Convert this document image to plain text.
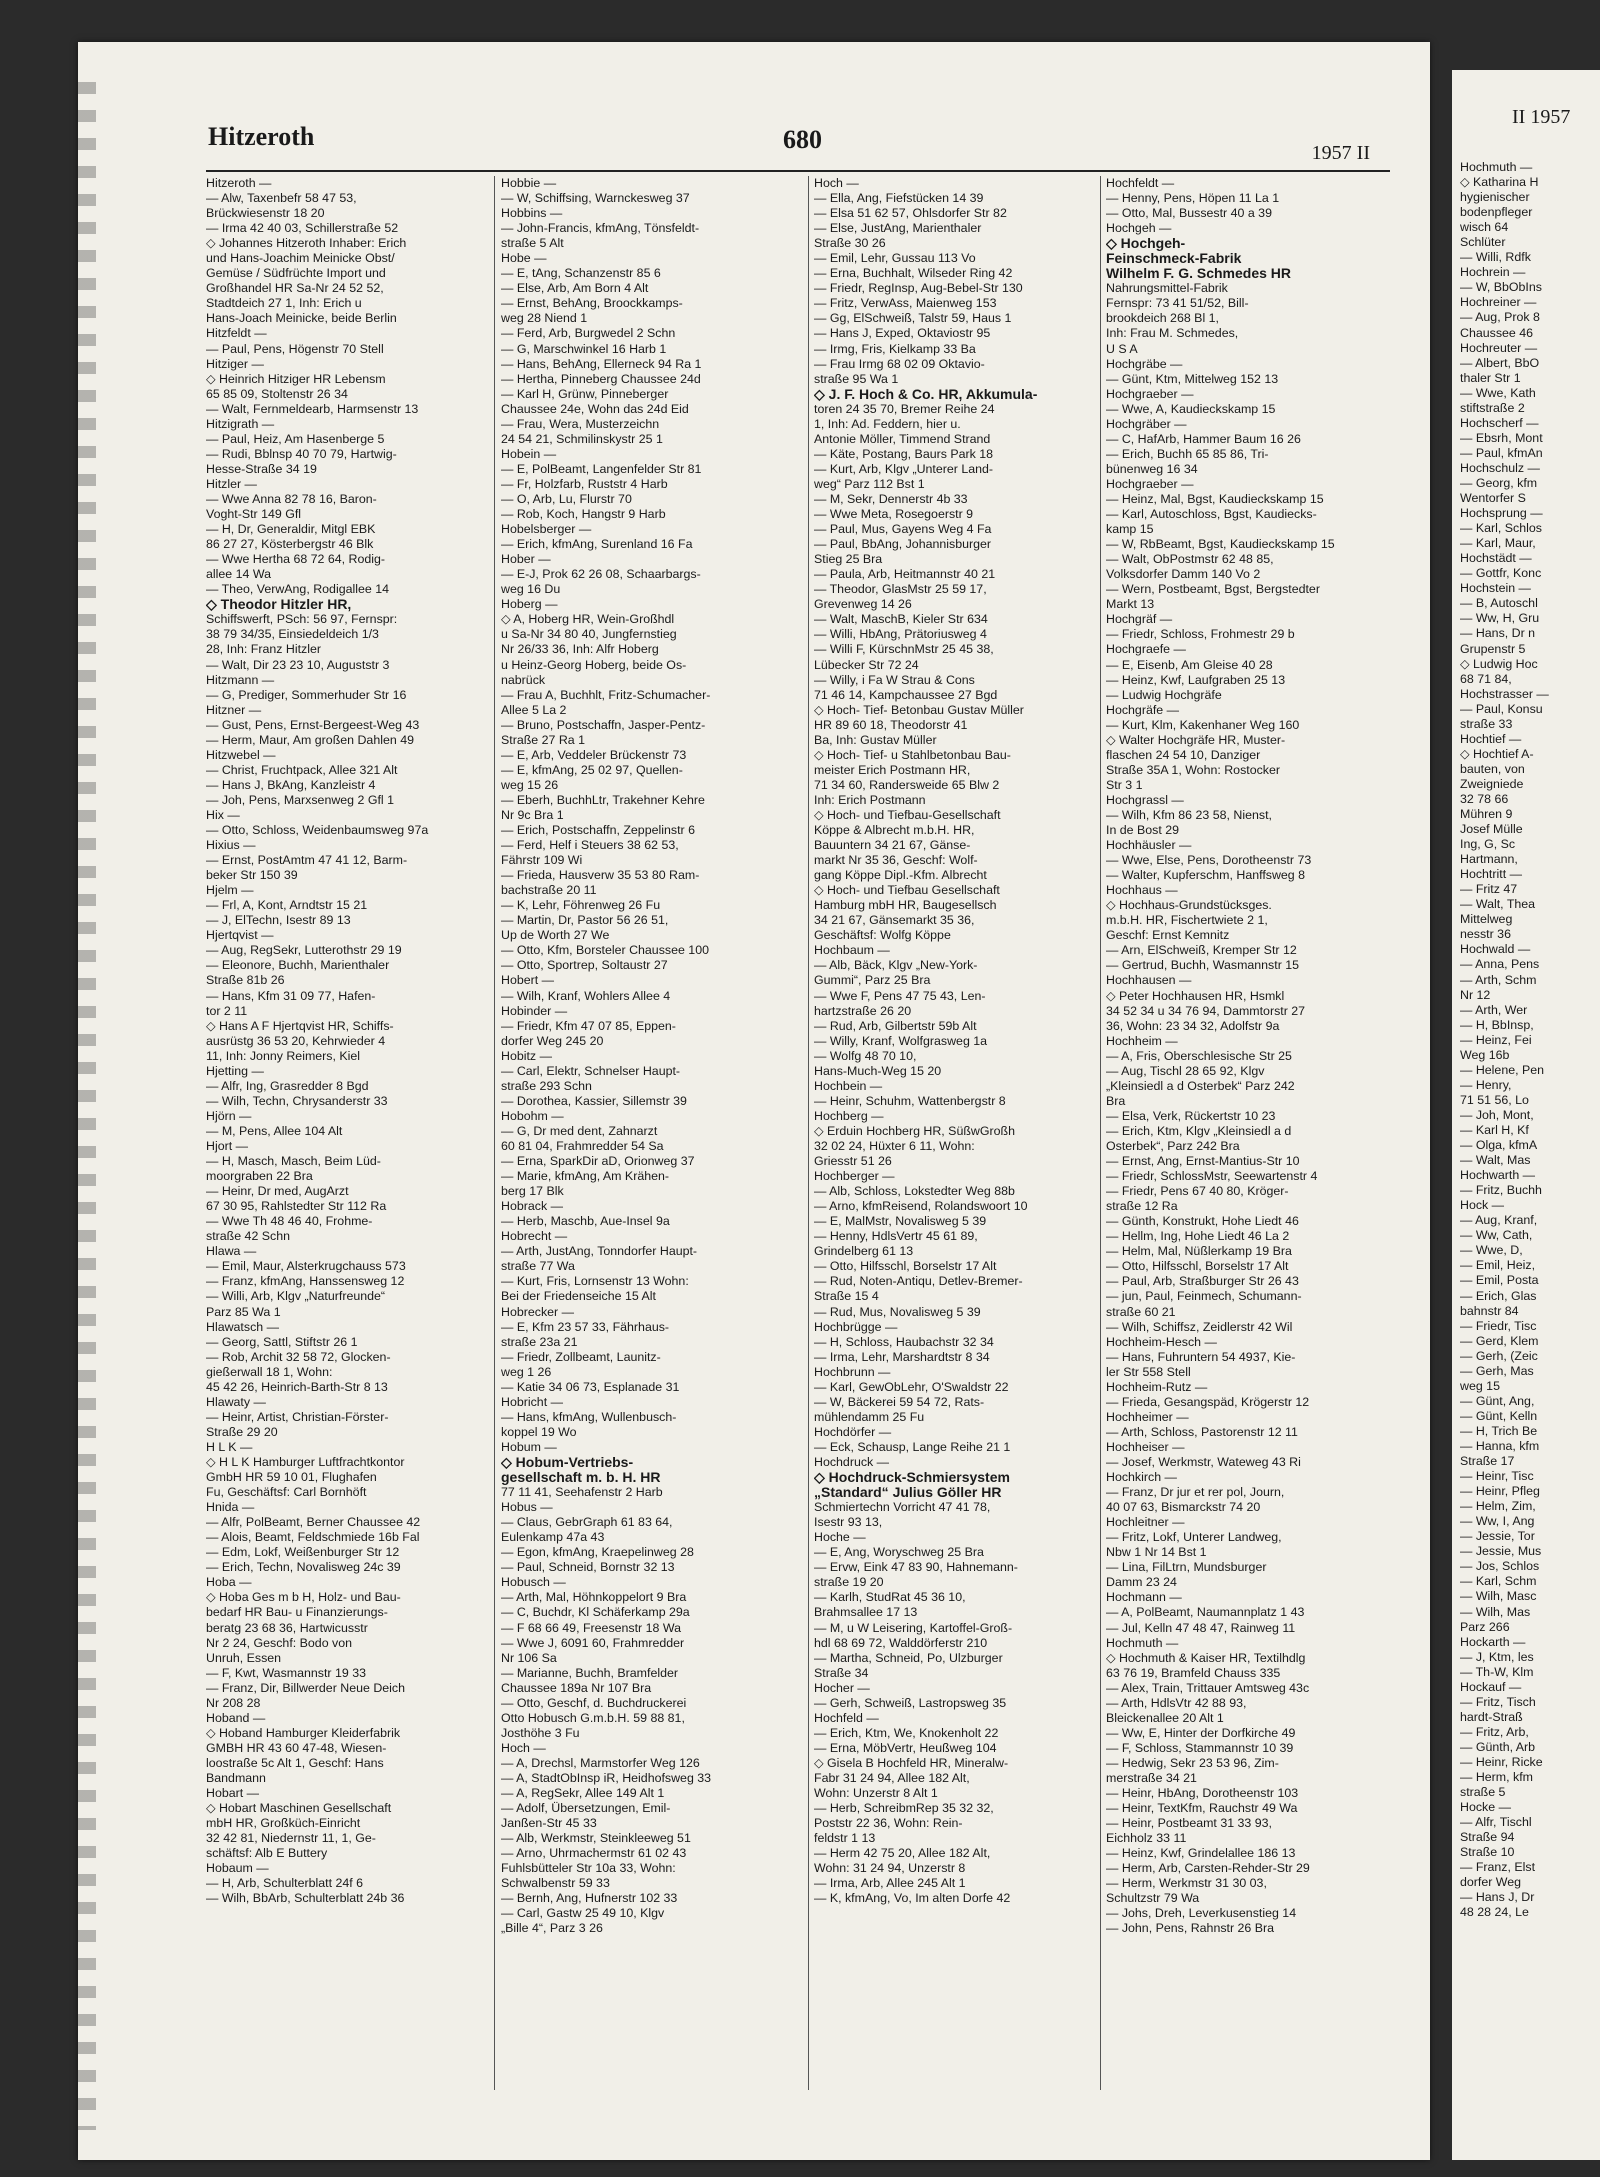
Hitzeroth	680	1957 II
Hitzeroth —
— Alw, Taxenbefr 58 47 53,
Brückwiesenstr 18 20
— Irma 42 40 03, Schillerstraße 52
◇ Johannes Hitzeroth Inhaber: Erich
und Hans-Joachim Meinicke Obst/
Gemüse / Südfrüchte Import und
Großhandel HR Sa-Nr 24 52 52,
Stadtdeich 27 1, Inh: Erich u
Hans-Joach Meinicke, beide Berlin
Hitzfeldt —
— Paul, Pens, Högenstr 70 Stell
Hitziger —
◇ Heinrich Hitziger HR Lebensm
65 85 09, Stoltenstr 26 34
— Walt, Fernmeldearb, Harmsenstr 13
Hitzigrath —
— Paul, Heiz, Am Hasenberge 5
— Rudi, Bblnsp 40 70 79, Hartwig-
Hesse-Straße 34 19
Hitzler —
— Wwe Anna 82 78 16, Baron-
Voght-Str 149 Gfl
— H, Dr, Generaldir, Mitgl EBK
86 27 27, Kösterbergstr 46 Blk
— Wwe Hertha 68 72 64, Rodig-
allee 14 Wa
— Theo, VerwAng, Rodigallee 14
◇ Theodor Hitzler HR,
Schiffswerft, PSch: 56 97, Fernspr:
38 79 34/35, Einsiedeldeich 1/3
28, Inh: Franz Hitzler
— Walt, Dir 23 23 10, Auguststr 3
Hitzmann —
— G, Prediger, Sommerhuder Str 16
Hitzner —
— Gust, Pens, Ernst-Bergeest-Weg 43
— Herm, Maur, Am großen Dahlen 49
Hitzwebel —
— Christ, Fruchtpack, Allee 321 Alt
— Hans J, BkAng, Kanzleistr 4
— Joh, Pens, Marxsenweg 2 Gfl 1
Hix —
— Otto, Schloss, Weidenbaumsweg 97a
Hixius —
— Ernst, PostAmtm 47 41 12, Barm-
beker Str 150 39
Hjelm —
— Frl, A, Kont, Arndtstr 15 21
— J, ElTechn, Isestr 89 13
Hjertqvist —
— Aug, RegSekr, Lutterothstr 29 19
— Eleonore, Buchh, Marienthaler
Straße 81b 26
— Hans, Kfm 31 09 77, Hafen-
tor 2 11
◇ Hans A F Hjertqvist HR, Schiffs-
ausrüstg 36 53 20, Kehrwieder 4
11, Inh: Jonny Reimers, Kiel
Hjetting —
— Alfr, Ing, Grasredder 8 Bgd
— Wilh, Techn, Chrysanderstr 33
Hjörn —
— M, Pens, Allee 104 Alt
Hjort —
— H, Masch, Masch, Beim Lüd-
moorgraben 22 Bra
— Heinr, Dr med, AugArzt
67 30 95, Rahlstedter Str 112 Ra
— Wwe Th 48 46 40, Frohme-
straße 42 Schn
Hlawa —
— Emil, Maur, Alsterkrugchauss 573
— Franz, kfmAng, Hanssensweg 12
— Willi, Arb, Klgv „Naturfreunde“
Parz 85 Wa 1
Hlawatsch —
— Georg, Sattl, Stiftstr 26 1
— Rob, Archit 32 58 72, Glocken-
gießerwall 18 1, Wohn:
45 42 26, Heinrich-Barth-Str 8 13
Hlawaty —
— Heinr, Artist, Christian-Förster-
Straße 29 20
H L K —
◇ H L K Hamburger Luftfrachtkontor
GmbH HR 59 10 01, Flughafen
Fu, Geschäftsf: Carl Bornhöft
Hnida —
— Alfr, PolBeamt, Berner Chaussee 42
— Alois, Beamt, Feldschmiede 16b Fal
— Edm, Lokf, Weißenburger Str 12
— Erich, Techn, Novalisweg 24c 39
Hoba —
◇ Hoba Ges m b H, Holz- und Bau-
bedarf HR Bau- u Finanzierungs-
beratg 23 68 36, Hartwicusstr
Nr 2 24, Geschf: Bodo von
Unruh, Essen
— F, Kwt, Wasmannstr 19 33
— Franz, Dir, Billwerder Neue Deich
Nr 208 28
Hoband —
◇ Hoband Hamburger Kleiderfabrik
GMBH HR 43 60 47-48, Wiesen-
loostraße 5c Alt 1, Geschf: Hans
Bandmann
Hobart —
◇ Hobart Maschinen Gesellschaft
mbH HR, Großküch-Einricht
32 42 81, Niedernstr 11, 1, Ge-
schäftsf: Alb E Buttery
Hobaum —
— H, Arb, Schulterblatt 24f 6
— Wilh, BbArb, Schulterblatt 24b 36
Hobbie —
— W, Schiffsing, Warnckesweg 37
Hobbins —
— John-Francis, kfmAng, Tönsfeldt-
straße 5 Alt
Hobe —
— E, tAng, Schanzenstr 85 6
— Else, Arb, Am Born 4 Alt
— Ernst, BehAng, Broockkamps-
weg 28 Niend 1
— Ferd, Arb, Burgwedel 2 Schn
— G, Marschwinkel 16 Harb 1
— Hans, BehAng, Ellerneck 94 Ra 1
— Hertha, Pinneberg Chaussee 24d
— Karl H, Grünw, Pinneberger
Chaussee 24e, Wohn das 24d Eid
— Frau, Wera, Musterzeichn
24 54 21, Schmilinskystr 25 1
Hobein —
— E, PolBeamt, Langenfelder Str 81
— Fr, Holzfarb, Ruststr 4 Harb
— O, Arb, Lu, Flurstr 70
— Rob, Koch, Hangstr 9 Harb
Hobelsberger —
— Erich, kfmAng, Surenland 16 Fa
Hober —
— E-J, Prok 62 26 08, Schaarbargs-
weg 16 Du
Hoberg —
◇ A, Hoberg HR, Wein-Großhdl
u Sa-Nr 34 80 40, Jungfernstieg
Nr 26/33 36, Inh: Alfr Hoberg
u Heinz-Georg Hoberg, beide Os-
nabrück
— Frau A, Buchhlt, Fritz-Schumacher-
Allee 5 La 2
— Bruno, Postschaffn, Jasper-Pentz-
Straße 27 Ra 1
— E, Arb, Veddeler Brückenstr 73
— E, kfmAng, 25 02 97, Quellen-
weg 15 26
— Eberh, BuchhLtr, Trakehner Kehre
Nr 9c Bra 1
— Erich, Postschaffn, Zeppelinstr 6
— Ferd, Helf i Steuers 38 62 53,
Fährstr 109 Wi
— Frieda, Hausverw 35 53 80 Ram-
bachstraße 20 11
— K, Lehr, Föhrenweg 26 Fu
— Martin, Dr, Pastor 56 26 51,
Up de Worth 27 We
— Otto, Kfm, Borsteler Chaussee 100
— Otto, Sportrep, Soltaustr 27
Hobert —
— Wilh, Kranf, Wohlers Allee 4
Hobinder —
— Friedr, Kfm 47 07 85, Eppen-
dorfer Weg 245 20
Hobitz —
— Carl, Elektr, Schnelser Haupt-
straße 293 Schn
— Dorothea, Kassier, Sillemstr 39
Hobohm —
— G, Dr med dent, Zahnarzt
60 81 04, Frahmredder 54 Sa
— Erna, SparkDir aD, Orionweg 37
— Marie, kfmAng, Am Krähen-
berg 17 Blk
Hobrack —
— Herb, Maschb, Aue-Insel 9a
Hobrecht —
— Arth, JustAng, Tonndorfer Haupt-
straße 77 Wa
— Kurt, Fris, Lornsenstr 13 Wohn:
Bei der Friedenseiche 15 Alt
Hobrecker —
— E, Kfm 23 57 33, Fährhaus-
straße 23a 21
— Friedr, Zollbeamt, Launitz-
weg 1 26
— Katie 34 06 73, Esplanade 31
Hobricht —
— Hans, kfmAng, Wullenbusch-
koppel 19 Wo
Hobum —
◇ Hobum-Vertriebs-
gesellschaft m. b. H. HR
77 11 41, Seehafenstr 2 Harb
Hobus —
— Claus, GebrGraph 61 83 64,
Eulenkamp 47a 43
— Egon, kfmAng, Kraepelinweg 28
— Paul, Schneid, Bornstr 32 13
Hobusch —
— Arth, Mal, Höhnkoppelort 9 Bra
— C, Buchdr, Kl Schäferkamp 29a
— F 68 66 49, Freesenstr 18 Wa
— Wwe J, 6091 60, Frahmredder
Nr 106 Sa
— Marianne, Buchh, Bramfelder
Chaussee 189a Nr 107 Bra
— Otto, Geschf, d. Buchdruckerei
Otto Hobusch G.m.b.H. 59 88 81,
Josthöhe 3 Fu
Hoch —
— A, Drechsl, Marmstorfer Weg 126
— A, StadtObInsp iR, Heidhofsweg 33
— A, RegSekr, Allee 149 Alt 1
— Adolf, Übersetzungen, Emil-
Janßen-Str 45 33
— Alb, Werkmstr, Steinkleeweg 51
— Arno, Uhrmachermstr 61 02 43
Fuhlsbütteler Str 10a 33, Wohn:
Schwalbenstr 59 33
— Bernh, Ang, Hufnerstr 102 33
— Carl, Gastw 25 49 10, Klgv
„Bille 4“, Parz 3 26
Hoch —
— Ella, Ang, Fiefstücken 14 39
— Elsa 51 62 57, Ohlsdorfer Str 82
— Else, JustAng, Marienthaler
Straße 30 26
— Emil, Lehr, Gussau 113 Vo
— Erna, Buchhalt, Wilseder Ring 42
— Friedr, RegInsp, Aug-Bebel-Str 130
— Fritz, VerwAss, Maienweg 153
— Gg, ElSchweiß, Talstr 59, Haus 1
— Hans J, Exped, Oktaviostr 95
— Irmg, Fris, Kielkamp 33 Ba
— Frau Irmg 68 02 09 Oktavio-
straße 95 Wa 1
◇ J. F. Hoch & Co. HR, Akkumula-
toren 24 35 70, Bremer Reihe 24
1, Inh: Ad. Feddern, hier u.
Antonie Möller, Timmend Strand
— Käte, Postang, Baurs Park 18
— Kurt, Arb, Klgv „Unterer Land-
weg“ Parz 112 Bst 1
— M, Sekr, Dennerstr 4b 33
— Wwe Meta, Rosegoerstr 9
— Paul, Mus, Gayens Weg 4 Fa
— Paul, BbAng, Johannisburger
Stieg 25 Bra
— Paula, Arb, Heitmannstr 40 21
— Theodor, GlasMstr 25 59 17,
Grevenweg 14 26
— Walt, MaschB, Kieler Str 634
— Willi, HbAng, Prätoriusweg 4
— Willi F, KürschnMstr 25 45 38,
Lübecker Str 72 24
— Willy, i Fa W Strau & Cons
71 46 14, Kampchaussee 27 Bgd
◇ Hoch- Tief- Betonbau Gustav Müller
HR 89 60 18, Theodorstr 41
Ba, Inh: Gustav Müller
◇ Hoch- Tief- u Stahlbetonbau Bau-
meister Erich Postmann HR,
71 34 60, Randersweide 65 Blw 2
Inh: Erich Postmann
◇ Hoch- und Tiefbau-Gesellschaft
Köppe & Albrecht m.b.H. HR,
Bauuntern 34 21 67, Gänse-
markt Nr 35 36, Geschf: Wolf-
gang Köppe Dipl.-Kfm. Albrecht
◇ Hoch- und Tiefbau Gesellschaft
Hamburg mbH HR, Baugesellsch
34 21 67, Gänsemarkt 35 36,
Geschäftsf: Wolfg Köppe
Hochbaum —
— Alb, Bäck, Klgv „New-York-
Gummi“, Parz 25 Bra
— Wwe F, Pens 47 75 43, Len-
hartzstraße 26 20
— Rud, Arb, Gilbertstr 59b Alt
— Willy, Kranf, Wolfgrasweg 1a
— Wolfg 48 70 10,
Hans-Much-Weg 15 20
Hochbein —
— Heinr, Schuhm, Wattenbergstr 8
Hochberg —
◇ Erduin Hochberg HR, SüßwGroßh
32 02 24, Hüxter 6 11, Wohn:
Griesstr 51 26
Hochberger —
— Alb, Schloss, Lokstedter Weg 88b
— Arno, kfmReisend, Rolandswoort 10
— E, MalMstr, Novalisweg 5 39
— Henny, HdlsVertr 45 61 89,
Grindelberg 61 13
— Otto, Hilfsschl, Borselstr 17 Alt
— Rud, Noten-Antiqu, Detlev-Bremer-
Straße 15 4
— Rud, Mus, Novalisweg 5 39
Hochbrügge —
— H, Schloss, Haubachstr 32 34
— Irma, Lehr, Marshardtstr 8 34
Hochbrunn —
— Karl, GewObLehr, O'Swaldstr 22
— W, Bäckerei 59 54 72, Rats-
mühlendamm 25 Fu
Hochdörfer —
— Eck, Schausp, Lange Reihe 21 1
Hochdruck —
◇ Hochdruck-Schmiersystem
„Standard“ Julius Göller HR
Schmiertechn Vorricht 47 41 78,
Isestr 93 13,
Hoche —
— E, Ang, Woryschweg 25 Bra
— Ervw, Eink 47 83 90, Hahnemann-
straße 19 20
— Karlh, StudRat 45 36 10,
Brahmsallee 17 13
— M, u W Leisering, Kartoffel-Groß-
hdl 68 69 72, Walddörferstr 210
— Martha, Schneid, Po, Ulzburger
Straße 34
Hocher —
— Gerh, Schweiß, Lastropsweg 35
Hochfeld —
— Erich, Ktm, We, Knokenholt 22
— Erna, MöbVertr, Heußweg 104
◇ Gisela B Hochfeld HR, Mineralw-
Fabr 31 24 94, Allee 182 Alt,
Wohn: Unzerstr 8 Alt 1
— Herb, SchreibmRep 35 32 32,
Poststr 22 36, Wohn: Rein-
feldstr 1 13
— Herm 42 75 20, Allee 182 Alt,
Wohn: 31 24 94, Unzerstr 8
— Irma, Arb, Allee 245 Alt 1
— K, kfmAng, Vo, Im alten Dorfe 42
Hochfeldt —
— Henny, Pens, Höpen 11 La 1
— Otto, Mal, Bussestr 40 a 39
Hochgeh —
◇ Hochgeh-
Feinschmeck-Fabrik
Wilhelm F. G. Schmedes HR
Nahrungsmittel-Fabrik
Fernspr: 73 41 51/52, Bill-
brookdeich 268 Bl 1,
Inh: Frau M. Schmedes,
U S A
Hochgräbe —
— Günt, Ktm, Mittelweg 152 13
Hochgraeber —
— Wwe, A, Kaudieckskamp 15
Hochgräber —
— C, HafArb, Hammer Baum 16 26
— Erich, Buchh 65 85 86, Tri-
bünenweg 16 34
Hochgraeber —
— Heinz, Mal, Bgst, Kaudieckskamp 15
— Karl, Autoschloss, Bgst, Kaudiecks-
kamp 15
— W, RbBeamt, Bgst, Kaudieckskamp 15
— Walt, ObPostmstr 62 48 85,
Volksdorfer Damm 140 Vo 2
— Wern, Postbeamt, Bgst, Bergstedter
Markt 13
Hochgräf —
— Friedr, Schloss, Frohmestr 29 b
Hochgraefe —
— E, Eisenb, Am Gleise 40 28
— Heinz, Kwf, Laufgraben 25 13
— Ludwig Hochgräfe
Hochgräfe —
— Kurt, Klm, Kakenhaner Weg 160
◇ Walter Hochgräfe HR, Muster-
flaschen 24 54 10, Danziger
Straße 35A 1, Wohn: Rostocker
Str 3 1
Hochgrassl —
— Wilh, Kfm 86 23 58, Nienst,
In de Bost 29
Hochhäusler —
— Wwe, Else, Pens, Dorotheenstr 73
— Walter, Kupferschm, Hanffsweg 8
Hochhaus —
◇ Hochhaus-Grundstücksges.
m.b.H. HR, Fischertwiete 2 1,
Geschf: Ernst Kemnitz
— Arn, ElSchweiß, Kremper Str 12
— Gertrud, Buchh, Wasmannstr 15
Hochhausen —
◇ Peter Hochhausen HR, Hsmkl
34 52 34 u 34 76 94, Dammtorstr 27
36, Wohn: 23 34 32, Adolfstr 9a
Hochheim —
— A, Fris, Oberschlesische Str 25
— Aug, Tischl 28 65 92, Klgv
„Kleinsiedl a d Osterbek“ Parz 242
Bra
— Elsa, Verk, Rückertstr 10 23
— Erich, Ktm, Klgv „Kleinsiedl a d
Osterbek“, Parz 242 Bra
— Ernst, Ang, Ernst-Mantius-Str 10
— Friedr, SchlossMstr, Seewartenstr 4
— Friedr, Pens 67 40 80, Kröger-
straße 12 Ra
— Günth, Konstrukt, Hohe Liedt 46
— Hellm, Ing, Hohe Liedt 46 La 2
— Helm, Mal, Nüßlerkamp 19 Bra
— Otto, Hilfsschl, Borselstr 17 Alt
— Paul, Arb, Straßburger Str 26 43
— jun, Paul, Feinmech, Schumann-
straße 60 21
— Wilh, Schiffsz, Zeidlerstr 42 Wil
Hochheim-Hesch —
— Hans, Fuhruntern 54 4937, Kie-
ler Str 558 Stell
Hochheim-Rutz —
— Frieda, Gesangspäd, Krögerstr 12
Hochheimer —
— Arth, Schloss, Pastorenstr 12 11
Hochheiser —
— Josef, Werkmstr, Wateweg 43 Ri
Hochkirch —
— Franz, Dr jur et rer pol, Journ,
40 07 63, Bismarckstr 74 20
Hochleitner —
— Fritz, Lokf, Unterer Landweg,
Nbw 1 Nr 14 Bst 1
— Lina, FilLtrn, Mundsburger
Damm 23 24
Hochmann —
— A, PolBeamt, Naumannplatz 1 43
— Jul, Kelln 47 48 47, Rainweg 11
Hochmuth —
◇ Hochmuth & Kaiser HR, Textilhdlg
63 76 19, Bramfeld Chauss 335
— Alex, Train, Trittauer Amtsweg 43c
— Arth, HdlsVtr 42 88 93,
Bleickenallee 20 Alt 1
— Ww, E, Hinter der Dorfkirche 49
— F, Schloss, Stammannstr 10 39
— Hedwig, Sekr 23 53 96, Zim-
merstraße 34 21
— Heinr, HbAng, Dorotheenstr 103
— Heinr, TextKfm, Rauchstr 49 Wa
— Heinr, Postbeamt 31 33 93,
Eichholz 33 11
— Heinz, Kwf, Grindelallee 186 13
— Herm, Arb, Carsten-Rehder-Str 29
— Herm, Werkmstr 31 30 03,
Schultzstr 79 Wa
— Johs, Dreh, Leverkusenstieg 14
— John, Pens, Rahnstr 26 Bra
II 1957
Hochmuth —
◇ Katharina H
hygienischer
bodenpfleger
wisch 64
Schlüter
— Willi, Rdfk
Hochrein —
— W, BbObIns
Hochreiner —
— Aug, Prok 8
Chaussee 46
Hochreuter —
— Albert, BbO
thaler Str 1
— Wwe, Kath
stiftstraße 2
Hochscherf —
— Ebsrh, Mont
— Paul, kfmAn
Hochschulz —
— Georg, kfm
Wentorfer S
Hochsprung —
— Karl, Schlos
— Karl, Maur,
Hochstädt —
— Gottfr, Konc
Hochstein —
— B, Autoschl
— Ww, H, Gru
— Hans, Dr n
Grupenstr 5
◇ Ludwig Hoc
68 71 84,
Hochstrasser —
— Paul, Konsu
straße 33
Hochtief —
◇ Hochtief A-
bauten, von
Zweigniede
32 78 66
Mühren 9
Josef Mülle
Ing, G, Sc
Hartmann,
Hochtritt —
— Fritz 47
— Walt, Thea
Mittelweg
nesstr 36
Hochwald —
— Anna, Pens
— Arth, Schm
Nr 12
— Arth, Wer
— H, BbInsp,
— Heinz, Fei
Weg 16b
— Helene, Pen
— Henry,
71 51 56, Lo
— Joh, Mont,
— Karl H, Kf
— Olga, kfmA
— Walt, Mas
Hochwarth —
— Fritz, Buchh
Hock —
— Aug, Kranf,
— Ww, Cath,
— Wwe, D,
— Emil, Heiz,
— Emil, Posta
— Erich, Glas
bahnstr 84
— Friedr, Tisc
— Gerd, Klem
— Gerh, (Zeic
— Gerh, Mas
weg 15
— Günt, Ang,
— Günt, Kelln
— H, Trich Be
— Hanna, kfm
Straße 17
— Heinr, Tisc
— Heinr, Pfleg
— Helm, Zim,
— Ww, I, Ang
— Jessie, Tor
— Jessie, Mus
— Jos, Schlos
— Karl, Schm
— Wilh, Masc
— Wilh, Mas
Parz 266
Hockarth —
— J, Ktm, les
— Th-W, Klm
Hockauf —
— Fritz, Tisch
hardt-Straß
— Fritz, Arb,
— Günth, Arb
— Heinr, Ricke
— Herm, kfm
straße 5
Hocke —
— Alfr, Tischl
Straße 94
Straße 10
— Franz, Elst
dorfer Weg
— Hans J, Dr
48 28 24, Le
